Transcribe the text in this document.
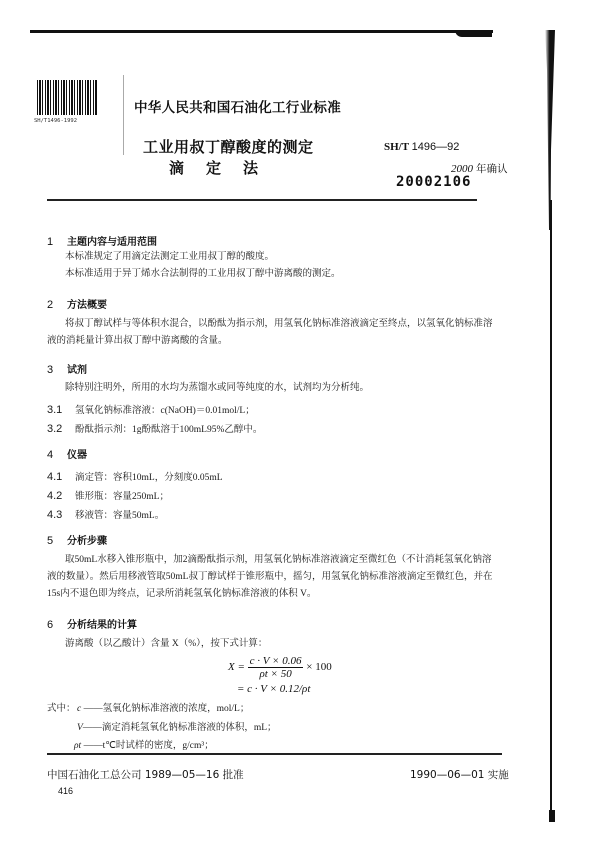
SH/T1496-1992
中华人民共和国石油化工行业标准
工业用叔丁醇酸度的测定
滴定法
SH/T 1496—92
2000 年确认
20002106
1 主题内容与适用范围
本标准规定了用滴定法测定工业用叔丁醇的酸度。
本标准适用于异丁烯水合法制得的工业用叔丁醇中游离酸的测定。
2 方法概要
将叔丁醇试样与等体积水混合，以酚酞为指示剂，用氢氧化钠标准溶液滴定至终点，以氢氧化钠标准溶液的消耗量计算出叔丁醇中游离酸的含量。
3 试剂
除特别注明外，所用的水均为蒸馏水或同等纯度的水，试剂均为分析纯。
3.1 氢氧化钠标准溶液：c(NaOH)＝0.01mol/L；
3.2 酚酞指示剂：1g酚酞溶于100mL95%乙醇中。
4 仪器
4.1 滴定管：容积10mL，分刻度0.05mL
4.2 锥形瓶：容量250mL；
4.3 移液管：容量50mL。
5 分析步骤
取50mL水移入锥形瓶中，加2滴酚酞指示剂，用氢氧化钠标准溶液滴定至微红色（不计消耗氢氧化钠溶液的数量）。然后用移液管取50mL叔丁醇试样于锥形瓶中，摇匀，用氢氧化钠标准溶液滴定至微红色，并在15s内不退色即为终点，记录所消耗氢氧化钠标准溶液的体积 V。
6 分析结果的计算
游离酸（以乙酸计）含量 X（%），按下式计算：
$X = \frac{c \cdot V \times 0.06}{\rho t \times 50} \times 100$
= c · V × 0.12/ρt
式中： c ——氢氧化钠标准溶液的浓度，mol/L；
V——滴定消耗氢氧化钠标准溶液的体积，mL；
ρt ——t℃时试样的密度，g/cm³；
中国石油化工总公司 1989—05—16 批准	1990—06—01 实施
416
